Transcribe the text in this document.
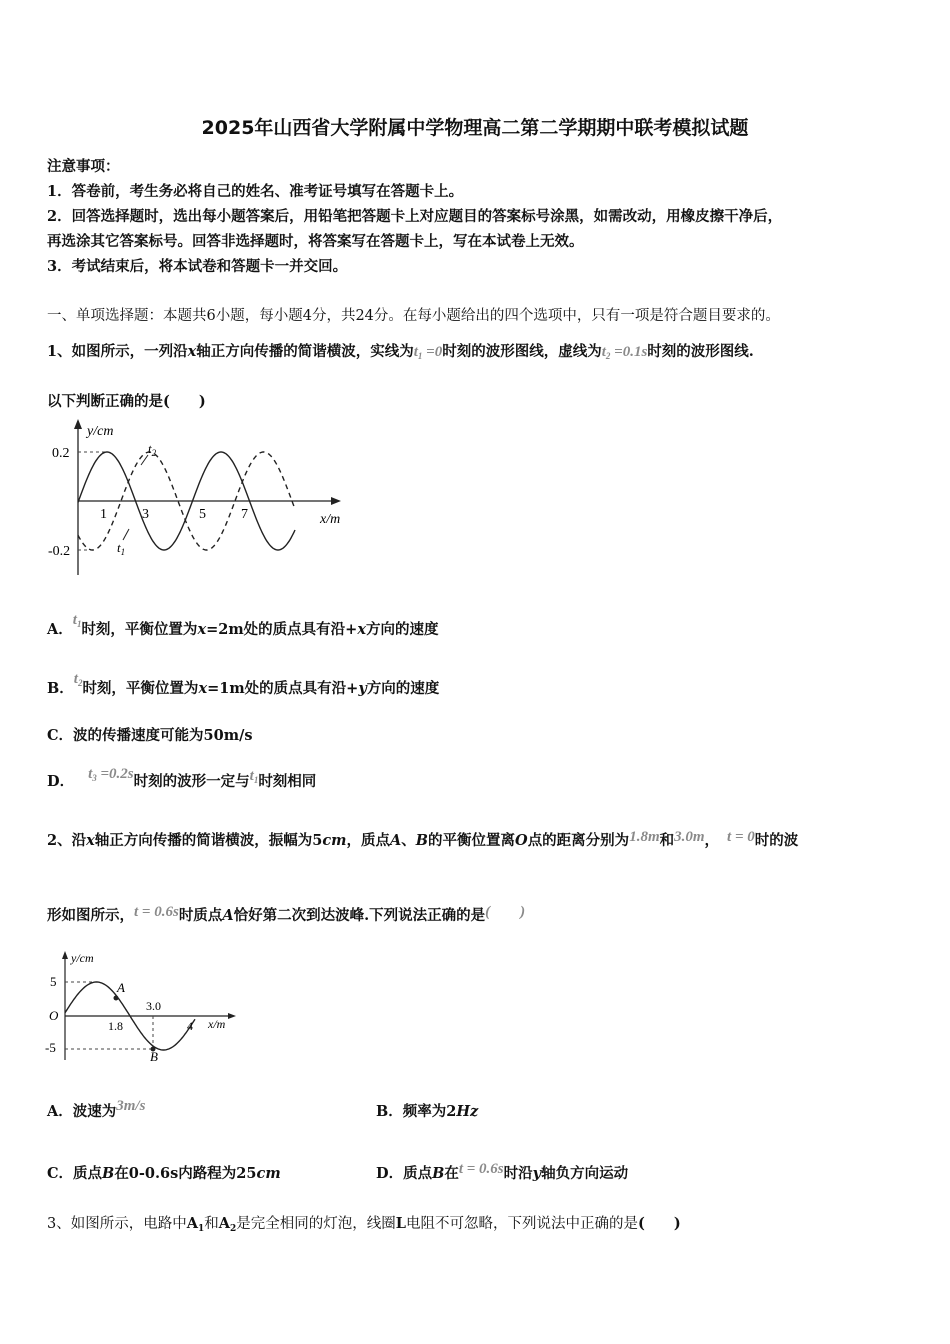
2025年山西省大学附属中学物理高二第二学期期中联考模拟试题
注意事项：
1．答卷前，考生务必将自己的姓名、准考证号填写在答题卡上。
2．回答选择题时，选出每小题答案后，用铅笔把答题卡上对应题目的答案标号涂黑，如需改动，用橡皮擦干净后，
再选涂其它答案标号。回答非选择题时，将答案写在答题卡上，写在本试卷上无效。
3．考试结束后，将本试卷和答题卡一并交回。
一、单项选择题：本题共6小题，每小题4分，共24分。在每小题给出的四个选项中，只有一项是符合题目要求的。
1、如图所示，一列沿x轴正方向传播的简谐横波，实线为$t_1 =0$时刻的波形图线，虚线为$t_2 =0.1s$时刻的波形图线.
以下判断正确的是(　　)
y/cm
x/m
0.2
-0.2
1	3	5	7
$t_2$
$t_1$
A．$t_1$时刻，平衡位置为x=2m处的质点具有沿+x方向的速度
B．$t_2$时刻，平衡位置为x=1m处的质点具有沿+y方向的速度
C．波的传播速度可能为50m/s
D． $t_3 =0.2s$时刻的波形一定与$t_1$时刻相同
2、沿x轴正方向传播的简谐横波，振幅为5cm，质点A、B的平衡位置离O点的距离分别为1.8m和3.0m， t = 0时的波
形如图所示，t = 0.6s时质点A恰好第二次到达波峰.下列说法正确的是(　　)
y/cm
x/m
5
-5
O
1.8
3.0
4
A
B
A．波速为3m/s	B．频率为2Hz
C．质点B在0-0.6s内路程为25cm	D．质点B在t = 0.6s时沿y轴负方向运动
3、如图所示，电路中$A_1$和$A_2$是完全相同的灯泡，线圈L电阻不可忽略，下列说法中正确的是(　　)
